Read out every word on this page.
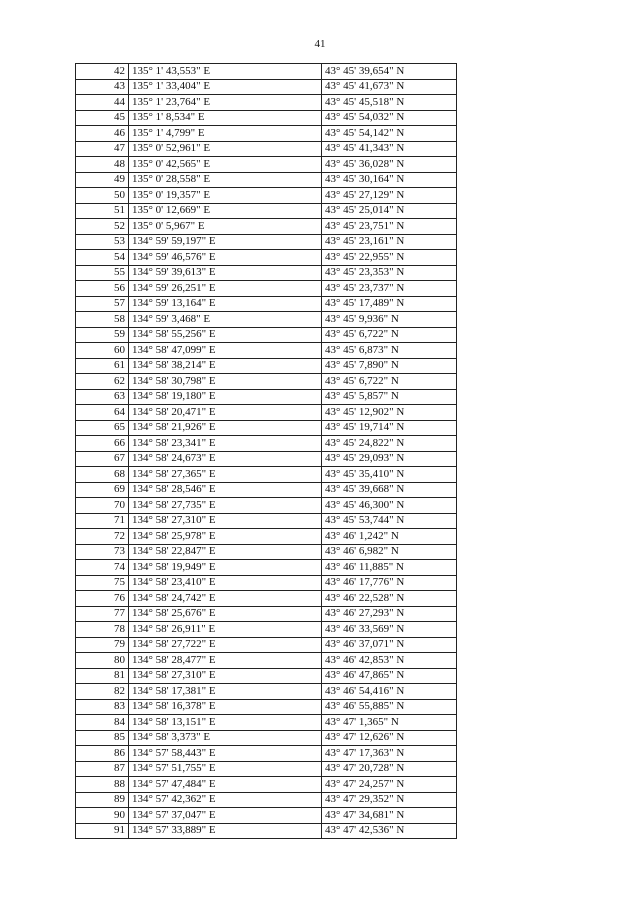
41
42	135° 1' 43,553" E	43° 45' 39,654" N
43	135° 1' 33,404" E	43° 45' 41,673" N
44	135° 1' 23,764" E	43° 45' 45,518" N
45	135° 1' 8,534" E	43° 45' 54,032" N
46	135° 1' 4,799" E	43° 45' 54,142" N
47	135° 0' 52,961" E	43° 45' 41,343" N
48	135° 0' 42,565" E	43° 45' 36,028" N
49	135° 0' 28,558" E	43° 45' 30,164" N
50	135° 0' 19,357" E	43° 45' 27,129" N
51	135° 0' 12,669" E	43° 45' 25,014" N
52	135° 0' 5,967" E	43° 45' 23,751" N
53	134° 59' 59,197" E	43° 45' 23,161" N
54	134° 59' 46,576" E	43° 45' 22,955" N
55	134° 59' 39,613" E	43° 45' 23,353" N
56	134° 59' 26,251" E	43° 45' 23,737" N
57	134° 59' 13,164" E	43° 45' 17,489" N
58	134° 59' 3,468" E	43° 45' 9,936" N
59	134° 58' 55,256" E	43° 45' 6,722" N
60	134° 58' 47,099" E	43° 45' 6,873" N
61	134° 58' 38,214" E	43° 45' 7,890" N
62	134° 58' 30,798" E	43° 45' 6,722" N
63	134° 58' 19,180" E	43° 45' 5,857" N
64	134° 58' 20,471" E	43° 45' 12,902" N
65	134° 58' 21,926" E	43° 45' 19,714" N
66	134° 58' 23,341" E	43° 45' 24,822" N
67	134° 58' 24,673" E	43° 45' 29,093" N
68	134° 58' 27,365" E	43° 45' 35,410" N
69	134° 58' 28,546" E	43° 45' 39,668" N
70	134° 58' 27,735" E	43° 45' 46,300" N
71	134° 58' 27,310" E	43° 45' 53,744" N
72	134° 58' 25,978" E	43° 46' 1,242" N
73	134° 58' 22,847" E	43° 46' 6,982" N
74	134° 58' 19,949" E	43° 46' 11,885" N
75	134° 58' 23,410" E	43° 46' 17,776" N
76	134° 58' 24,742" E	43° 46' 22,528" N
77	134° 58' 25,676" E	43° 46' 27,293" N
78	134° 58' 26,911" E	43° 46' 33,569" N
79	134° 58' 27,722" E	43° 46' 37,071" N
80	134° 58' 28,477" E	43° 46' 42,853" N
81	134° 58' 27,310" E	43° 46' 47,865" N
82	134° 58' 17,381" E	43° 46' 54,416" N
83	134° 58' 16,378" E	43° 46' 55,885" N
84	134° 58' 13,151" E	43° 47' 1,365" N
85	134° 58' 3,373" E	43° 47' 12,626" N
86	134° 57' 58,443" E	43° 47' 17,363" N
87	134° 57' 51,755" E	43° 47' 20,728" N
88	134° 57' 47,484" E	43° 47' 24,257" N
89	134° 57' 42,362" E	43° 47' 29,352" N
90	134° 57' 37,047" E	43° 47' 34,681" N
91	134° 57' 33,889" E	43° 47' 42,536" N
